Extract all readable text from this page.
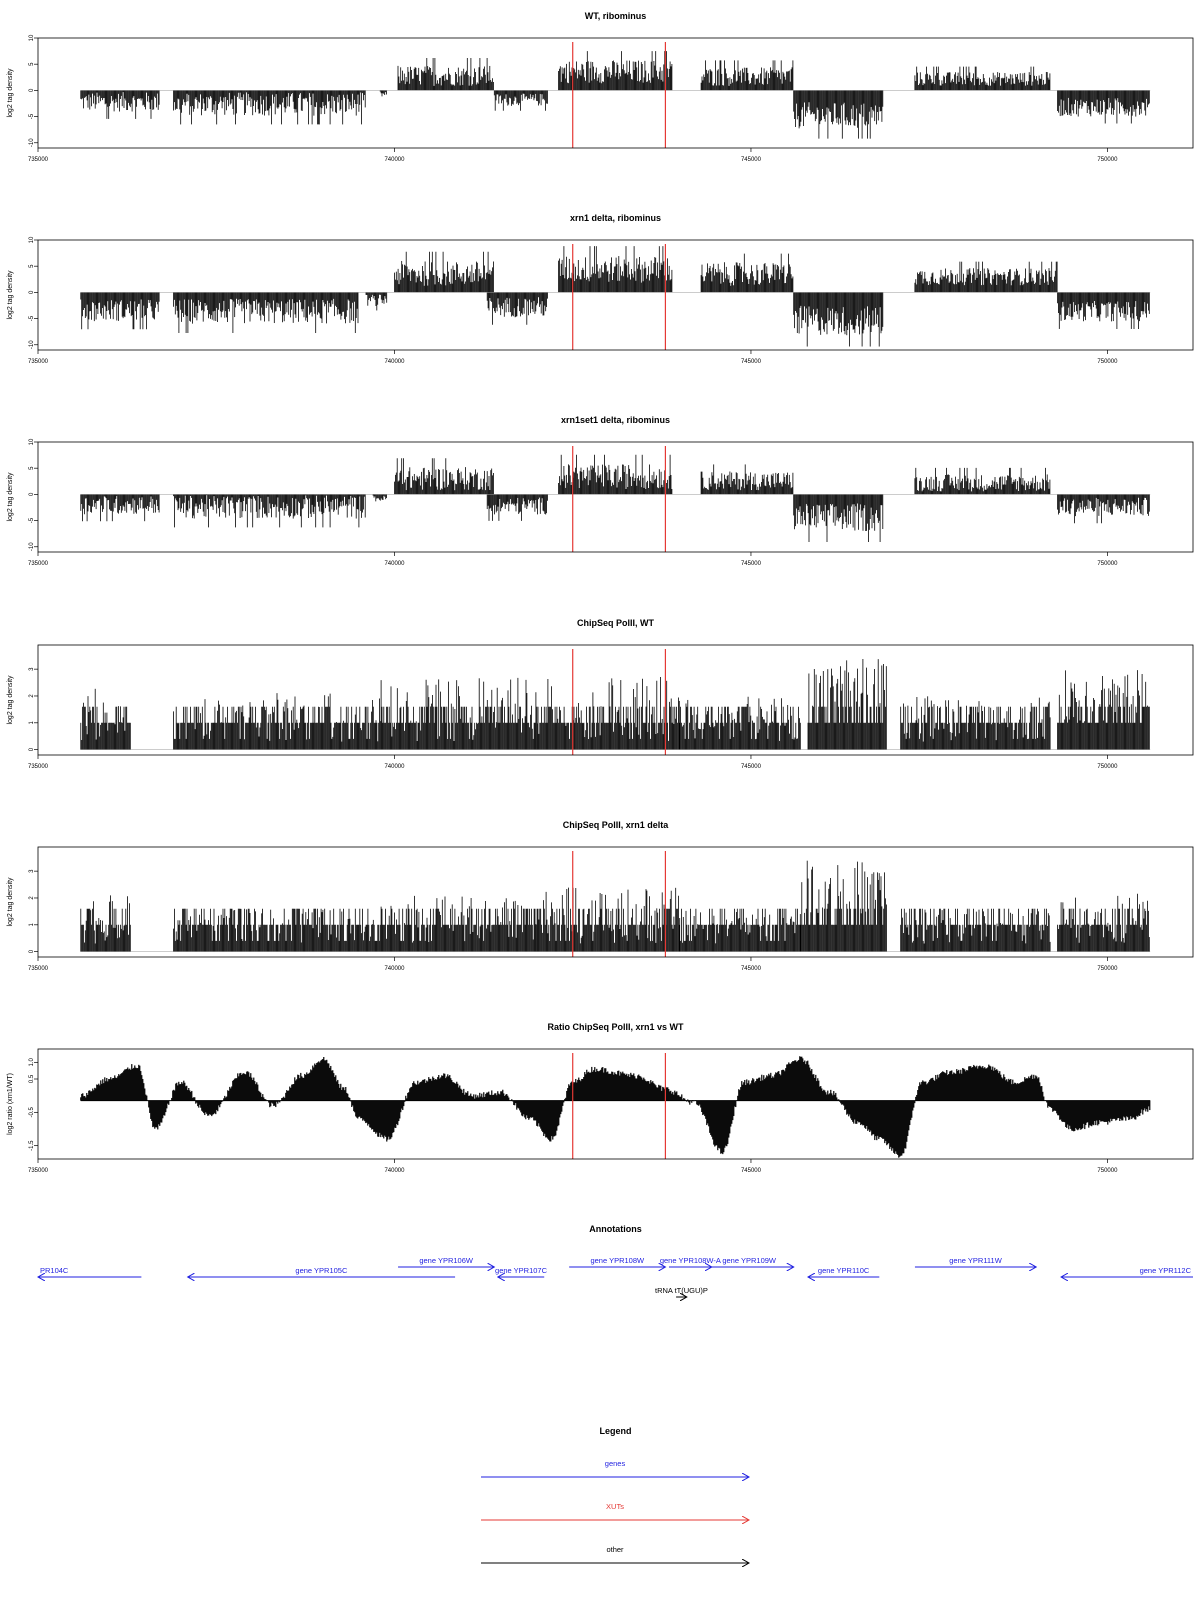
WT, ribominus
735000	740000	745000	750000
-10
-5
0
5
10
log2 tag density
xrn1 delta, ribominus
735000	740000	745000	750000
-10
-5
0
5
10
log2 tag density
xrn1set1 delta, ribominus
735000	740000	745000	750000
-10
-5
0
5
10
log2 tag density
ChipSeq PolII, WT
735000	740000	745000	750000
0
1
2
3
log2 tag density
ChipSeq PolII, xrn1 delta
735000	740000	745000	750000
0
1
2
3
log2 tag density
Ratio ChipSeq PolII, xrn1 vs WT
735000	740000	745000	750000
-1.5
-0.5
0.5
1.0
log2 ratio (xrn1/WT)
Annotations
PR104C	gene YPR105C
gene YPR106W
gene YPR107C
gene YPR108W gene YPR108W-A gene YPR109W
gene YPR110C
gene YPR111W
gene YPR112C
tRNA tT(UGU)P
Legend
genes
XUTs
other
